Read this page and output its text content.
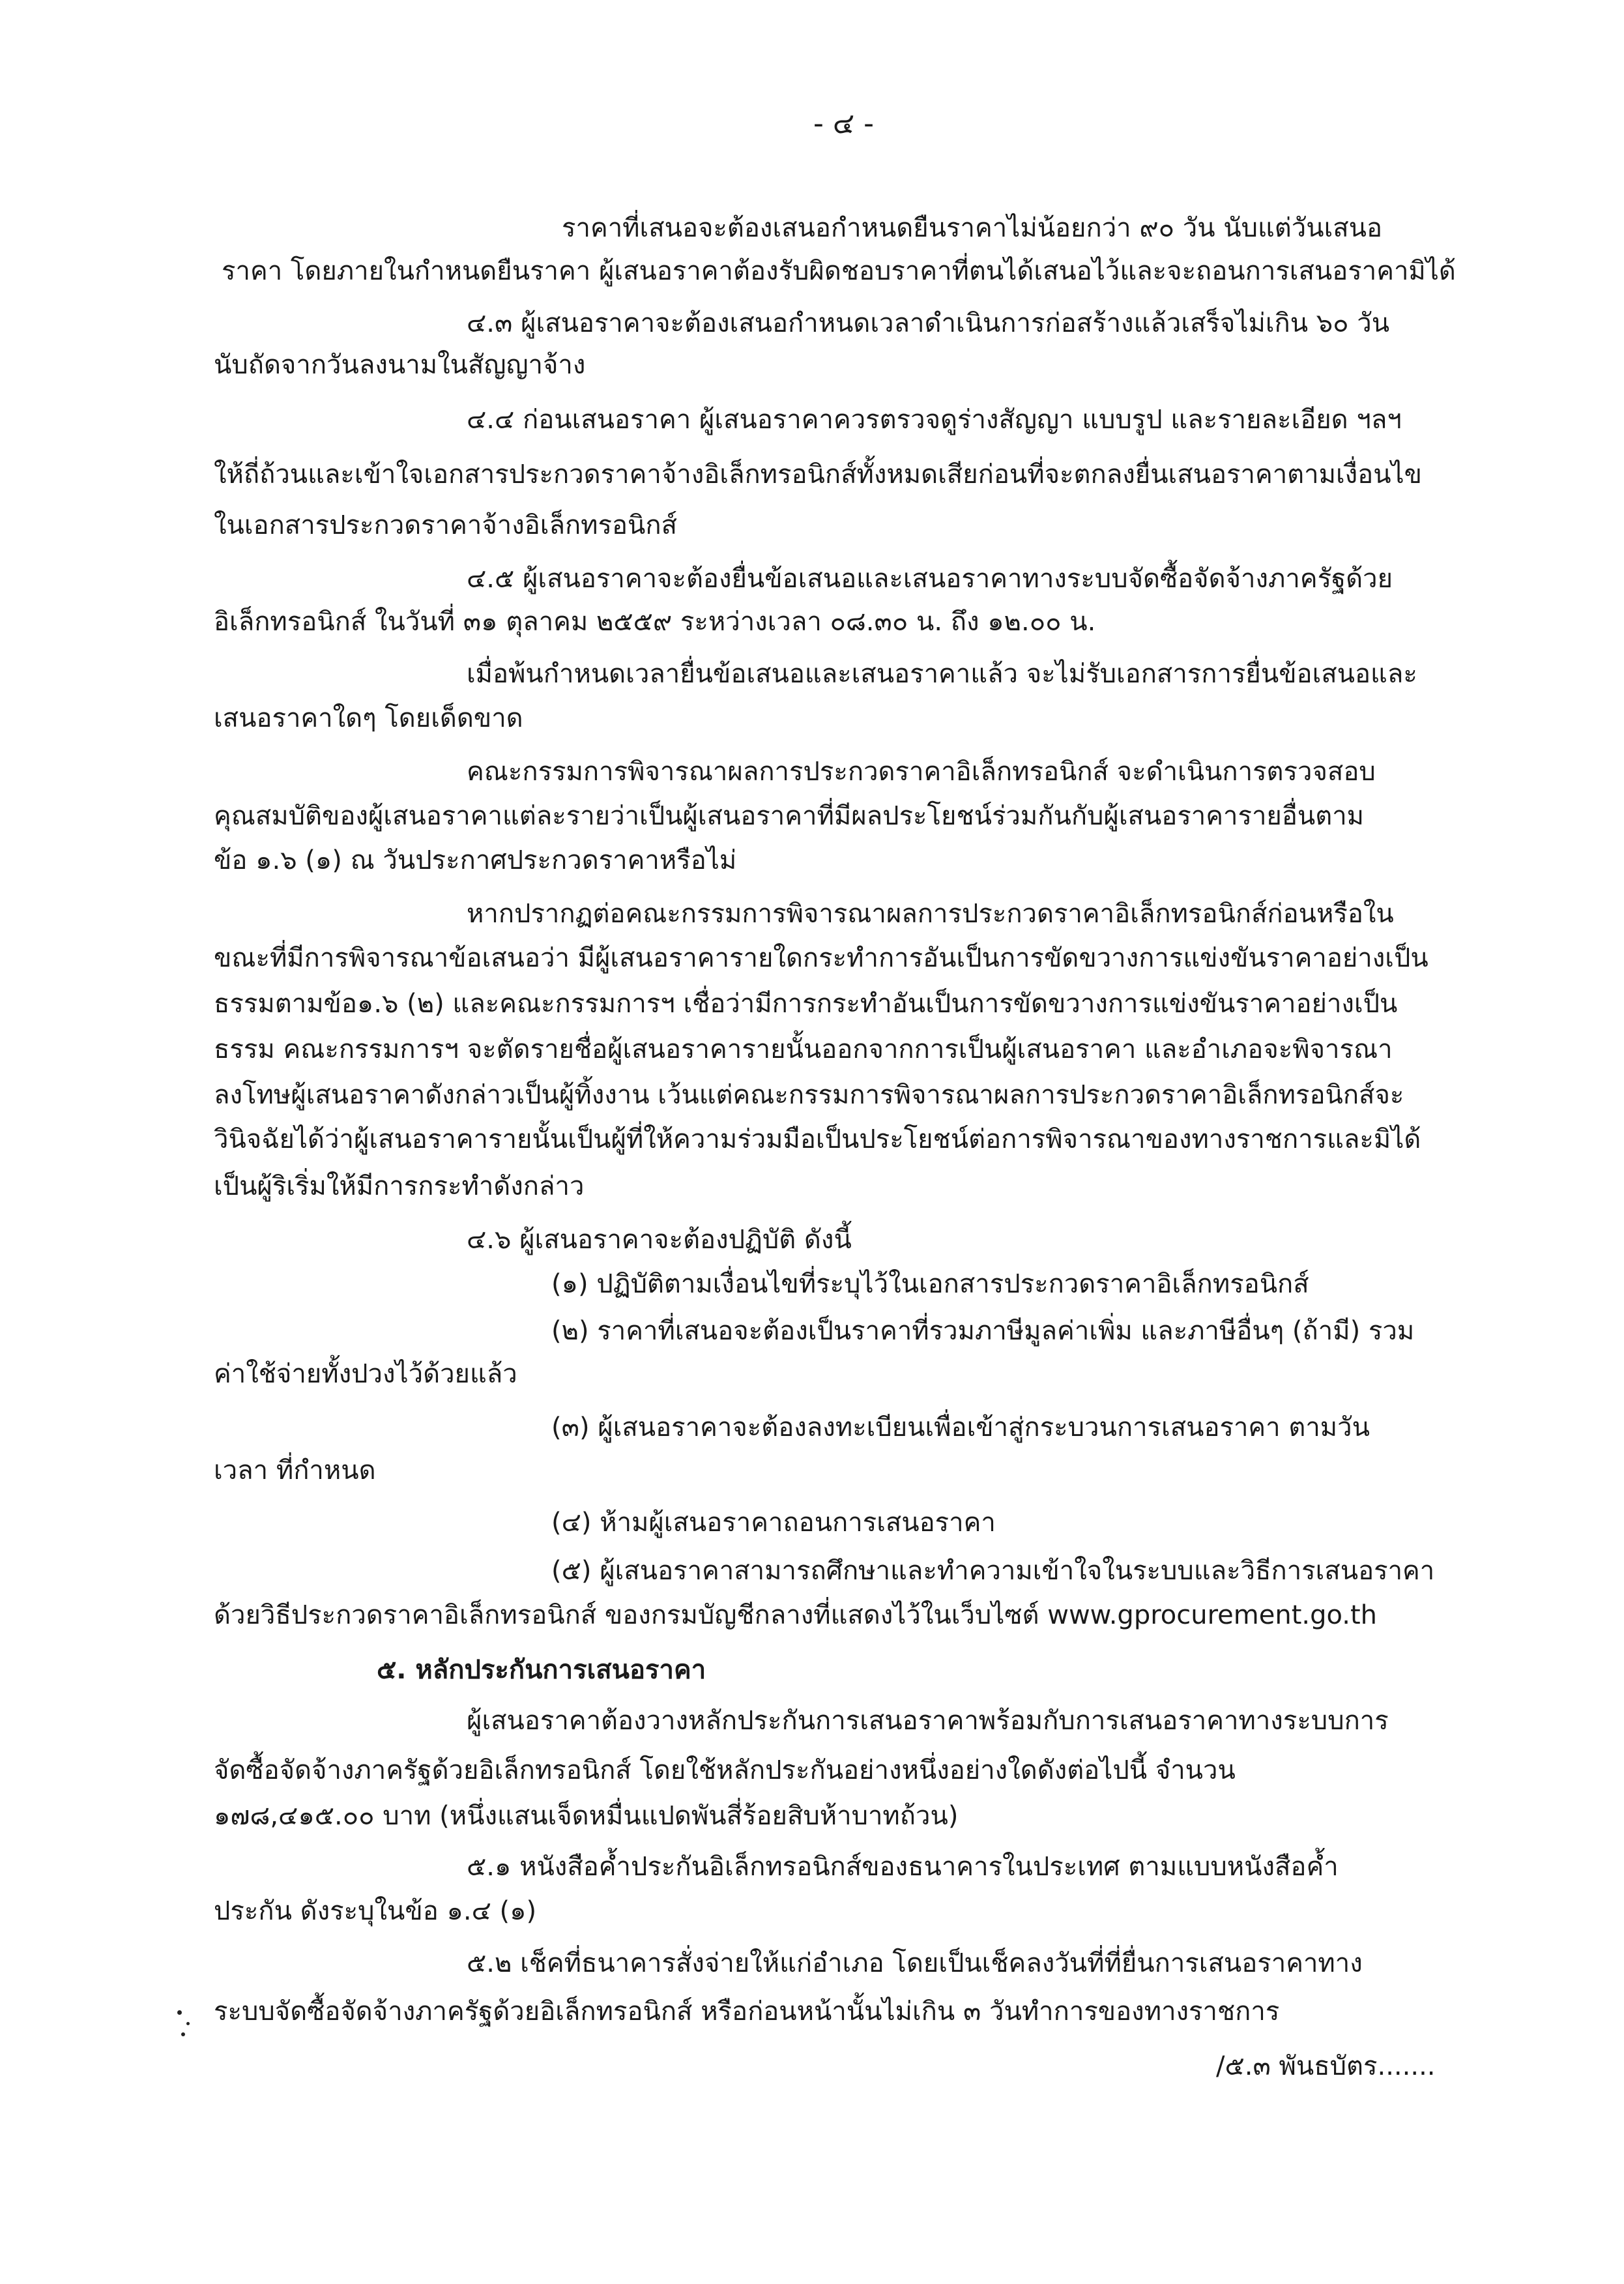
- ๔ -
ราคาที่เสนอจะต้องเสนอกำหนดยืนราคาไม่น้อยกว่า ๙๐ วัน นับแต่วันเสนอ
ราคา โดยภายในกำหนดยืนราคา ผู้เสนอราคาต้องรับผิดชอบราคาที่ตนได้เสนอไว้และจะถอนการเสนอราคามิได้
๔.๓ ผู้เสนอราคาจะต้องเสนอกำหนดเวลาดำเนินการก่อสร้างแล้วเสร็จไม่เกิน ๖๐ วัน
นับถัดจากวันลงนามในสัญญาจ้าง
๔.๔ ก่อนเสนอราคา ผู้เสนอราคาควรตรวจดูร่างสัญญา แบบรูป และรายละเอียด ฯลฯ
ให้ถี่ถ้วนและเข้าใจเอกสารประกวดราคาจ้างอิเล็กทรอนิกส์ทั้งหมดเสียก่อนที่จะตกลงยื่นเสนอราคาตามเงื่อนไข
ในเอกสารประกวดราคาจ้างอิเล็กทรอนิกส์
๔.๕ ผู้เสนอราคาจะต้องยื่นข้อเสนอและเสนอราคาทางระบบจัดซื้อจัดจ้างภาครัฐด้วย
อิเล็กทรอนิกส์ ในวันที่ ๓๑ ตุลาคม ๒๕๕๙ ระหว่างเวลา ๐๘.๓๐ น. ถึง ๑๒.๐๐ น.
เมื่อพ้นกำหนดเวลายื่นข้อเสนอและเสนอราคาแล้ว จะไม่รับเอกสารการยื่นข้อเสนอและ
เสนอราคาใดๆ โดยเด็ดขาด
คณะกรรมการพิจารณาผลการประกวดราคาอิเล็กทรอนิกส์ จะดำเนินการตรวจสอบ
คุณสมบัติของผู้เสนอราคาแต่ละรายว่าเป็นผู้เสนอราคาที่มีผลประโยชน์ร่วมกันกับผู้เสนอราคารายอื่นตาม
ข้อ ๑.๖ (๑) ณ วันประกาศประกวดราคาหรือไม่
หากปรากฏต่อคณะกรรมการพิจารณาผลการประกวดราคาอิเล็กทรอนิกส์ก่อนหรือใน
ขณะที่มีการพิจารณาข้อเสนอว่า มีผู้เสนอราคารายใดกระทำการอันเป็นการขัดขวางการแข่งขันราคาอย่างเป็น
ธรรมตามข้อ๑.๖ (๒) และคณะกรรมการฯ เชื่อว่ามีการกระทำอันเป็นการขัดขวางการแข่งขันราคาอย่างเป็น
ธรรม คณะกรรมการฯ จะตัดรายชื่อผู้เสนอราคารายนั้นออกจากการเป็นผู้เสนอราคา และอำเภอจะพิจารณา
ลงโทษผู้เสนอราคาดังกล่าวเป็นผู้ทิ้งงาน เว้นแต่คณะกรรมการพิจารณาผลการประกวดราคาอิเล็กทรอนิกส์จะ
วินิจฉัยได้ว่าผู้เสนอราคารายนั้นเป็นผู้ที่ให้ความร่วมมือเป็นประโยชน์ต่อการพิจารณาของทางราชการและมิได้
เป็นผู้ริเริ่มให้มีการกระทำดังกล่าว
๔.๖ ผู้เสนอราคาจะต้องปฏิบัติ ดังนี้
(๑) ปฏิบัติตามเงื่อนไขที่ระบุไว้ในเอกสารประกวดราคาอิเล็กทรอนิกส์
(๒) ราคาที่เสนอจะต้องเป็นราคาที่รวมภาษีมูลค่าเพิ่ม และภาษีอื่นๆ (ถ้ามี) รวม
ค่าใช้จ่ายทั้งปวงไว้ด้วยแล้ว
(๓) ผู้เสนอราคาจะต้องลงทะเบียนเพื่อเข้าสู่กระบวนการเสนอราคา ตามวัน
เวลา ที่กำหนด
(๔) ห้ามผู้เสนอราคาถอนการเสนอราคา
(๕) ผู้เสนอราคาสามารถศึกษาและทำความเข้าใจในระบบและวิธีการเสนอราคา
ด้วยวิธีประกวดราคาอิเล็กทรอนิกส์ ของกรมบัญชีกลางที่แสดงไว้ในเว็บไซต์ www.gprocurement.go.th
๕. หลักประกันการเสนอราคา
ผู้เสนอราคาต้องวางหลักประกันการเสนอราคาพร้อมกับการเสนอราคาทางระบบการ
จัดซื้อจัดจ้างภาครัฐด้วยอิเล็กทรอนิกส์ โดยใช้หลักประกันอย่างหนึ่งอย่างใดดังต่อไปนี้ จำนวน
๑๗๘,๔๑๕.๐๐ บาท (หนึ่งแสนเจ็ดหมื่นแปดพันสี่ร้อยสิบห้าบาทถ้วน)
๕.๑ หนังสือค้ำประกันอิเล็กทรอนิกส์ของธนาคารในประเทศ ตามแบบหนังสือค้ำ
ประกัน ดังระบุในข้อ ๑.๔ (๑)
๕.๒ เช็คที่ธนาคารสั่งจ่ายให้แก่อำเภอ โดยเป็นเช็คลงวันที่ที่ยื่นการเสนอราคาทาง
ระบบจัดซื้อจัดจ้างภาครัฐด้วยอิเล็กทรอนิกส์ หรือก่อนหน้านั้นไม่เกิน ๓ วันทำการของทางราชการ
/๕.๓ พันธบัตร.......
